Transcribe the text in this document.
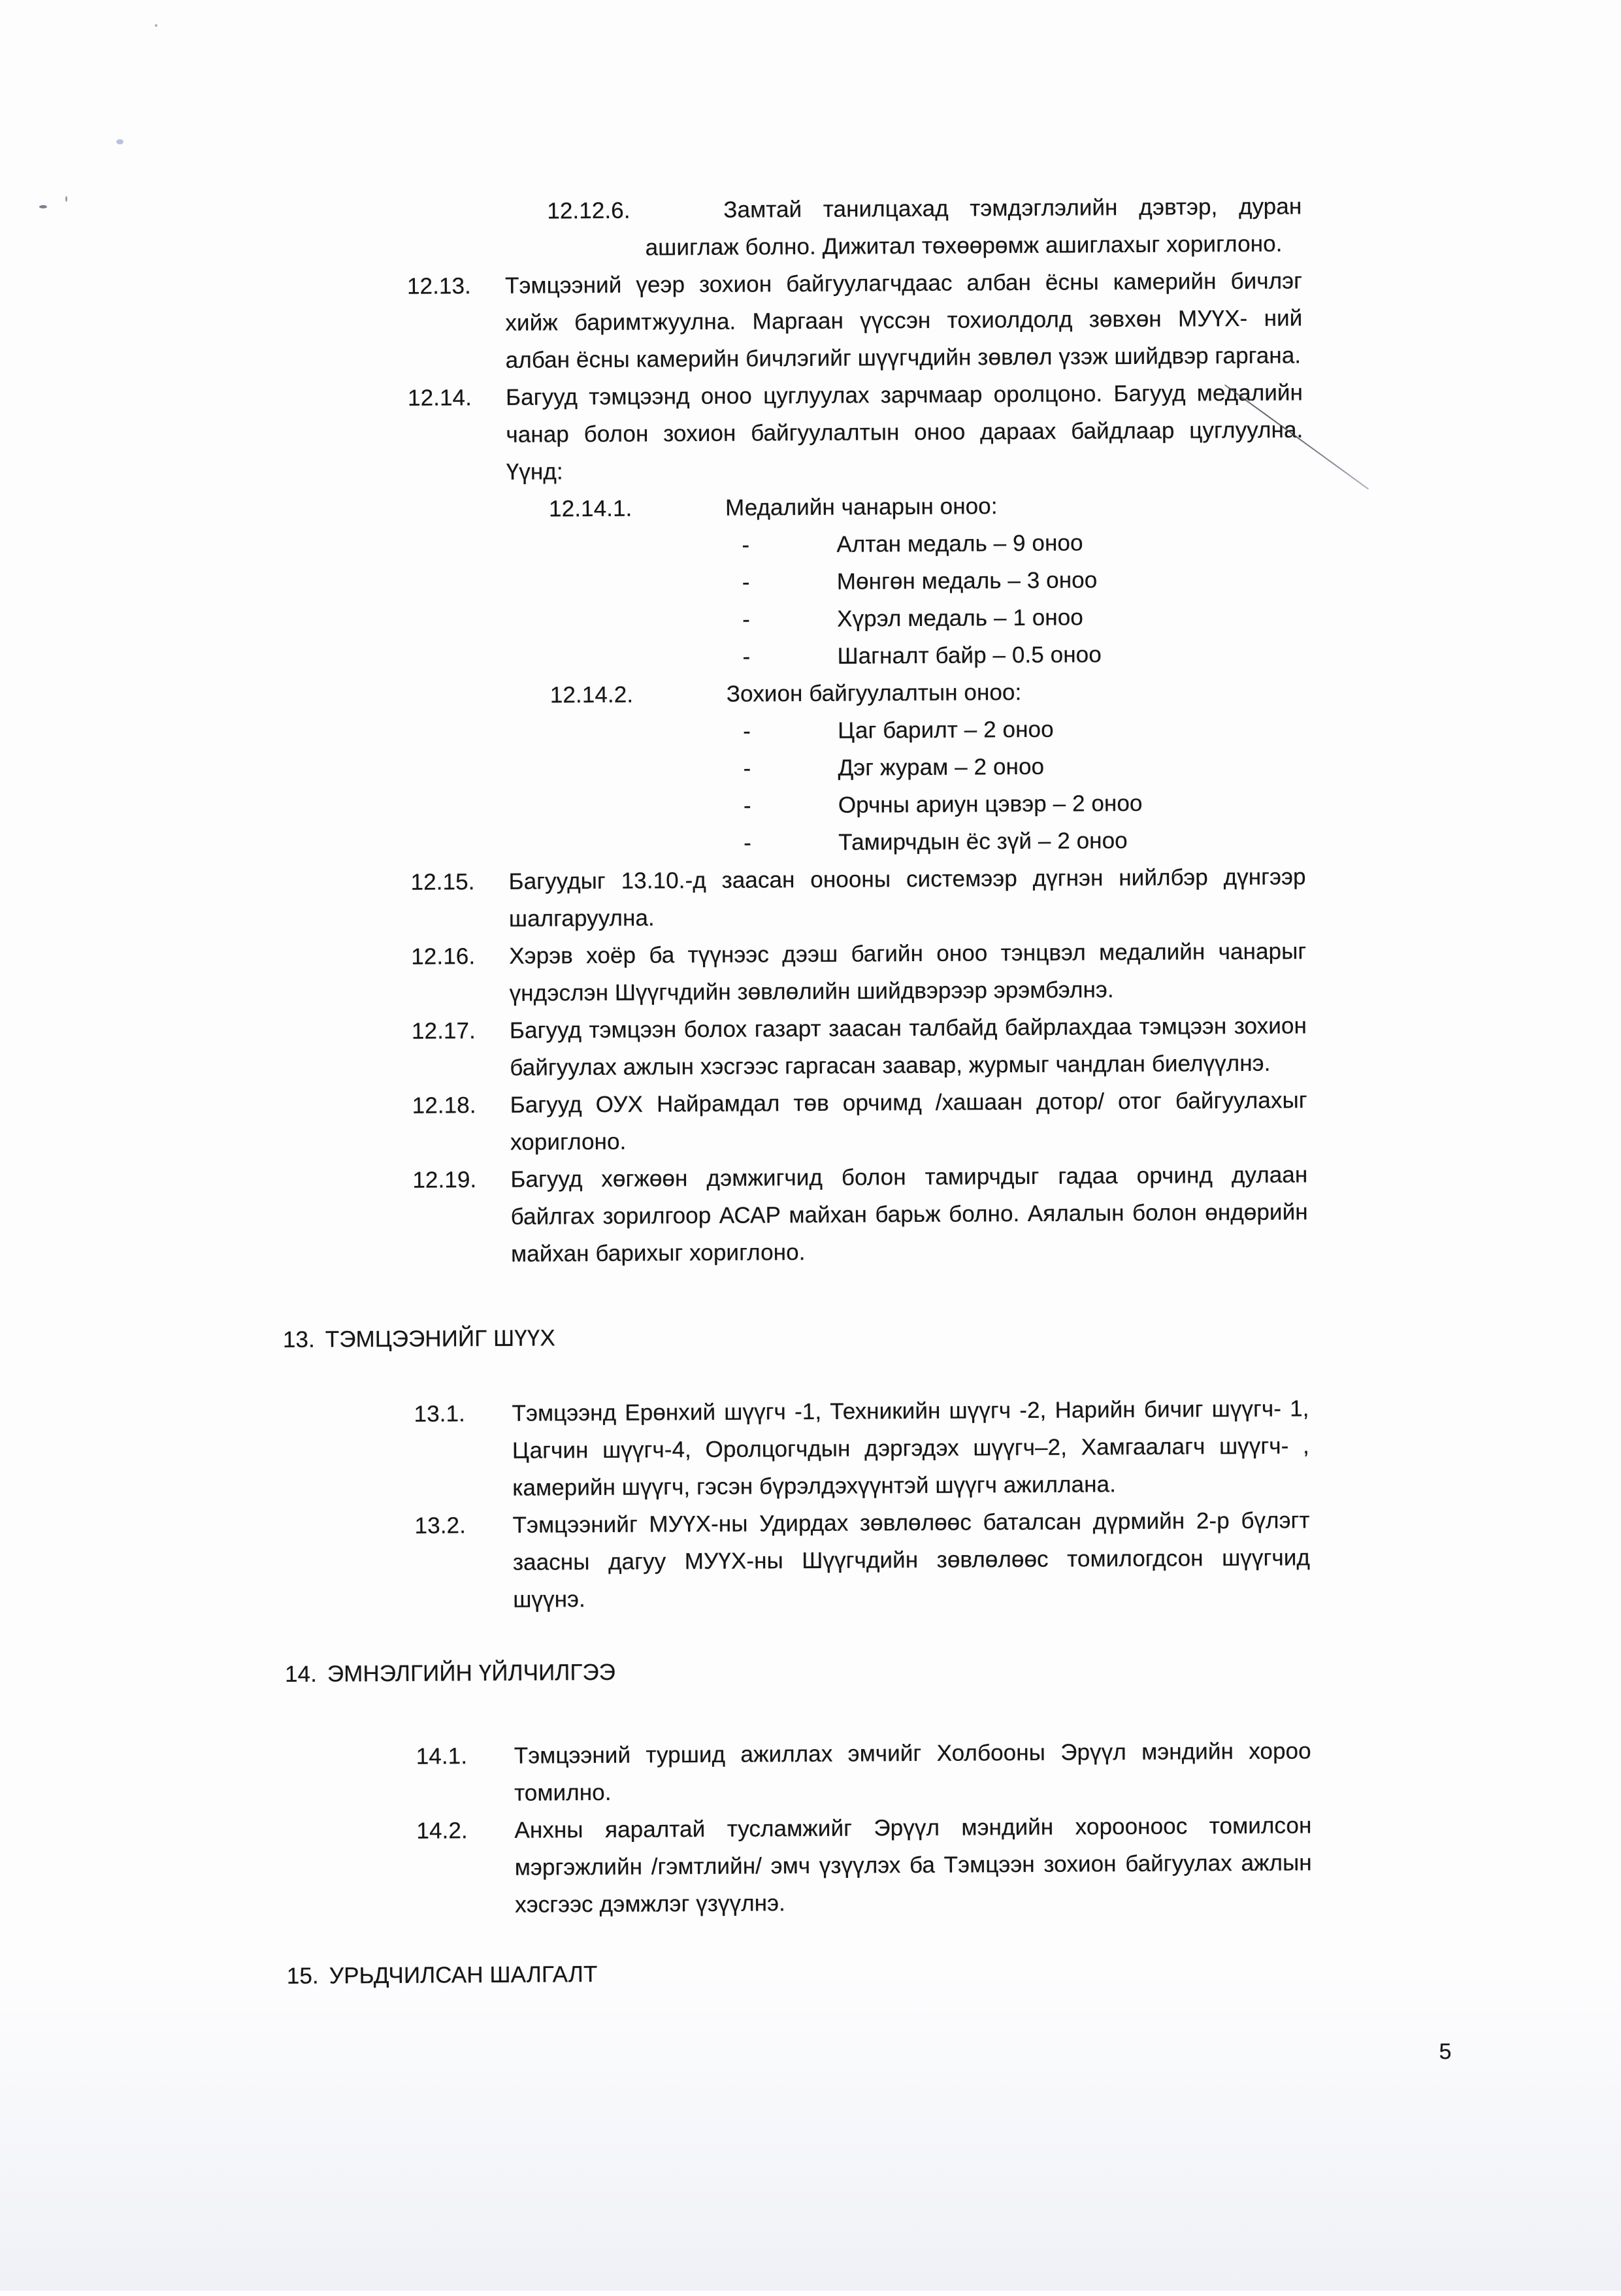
12.12.6.	Замтай танилцахад тэмдэглэлийн дэвтэр, дуран ашиглаж болно. Дижитал төхөөрөмж ашиглахыг хориглоно.
12.13.	Тэмцээний үеэр зохион байгуулагчдаас албан ёсны камерийн бичлэг хийж баримтжуулна. Маргаан үүссэн тохиолдолд зөвхөн МУҮХ- ний албан ёсны камерийн бичлэгийг шүүгчдийн зөвлөл үзэж шийдвэр гаргана.
12.14.	Багууд тэмцээнд оноо цуглуулах зарчмаар оролцоно. Багууд медалийн чанар болон зохион байгуулалтын оноо дараах байдлаар цуглуулна. Үүнд:
12.14.1.	Медалийн чанарын оноо:
-	Алтан медаль – 9 оноо
-	Мөнгөн медаль – 3 оноо
-	Хүрэл медаль – 1 оноо
-	Шагналт байр – 0.5 оноо
12.14.2.	Зохион байгуулалтын оноо:
-	Цаг барилт – 2 оноо
-	Дэг журам – 2 оноо
-	Орчны ариун цэвэр – 2 оноо
-	Тамирчдын ёс зүй – 2 оноо
12.15.	Багуудыг 13.10.-д заасан онооны системээр дүгнэн нийлбэр дүнгээр шалгаруулна.
12.16.	Хэрэв хоёр ба түүнээс дээш багийн оноо тэнцвэл медалийн чанарыг үндэслэн Шүүгчдийн зөвлөлийн шийдвэрээр эрэмбэлнэ.
12.17.	Багууд тэмцээн болох газарт заасан талбайд байрлахдаа тэмцээн зохион байгуулах ажлын хэсгээс гаргасан заавар, журмыг чандлан биелүүлнэ.
12.18.	Багууд ОУХ Найрамдал төв орчимд /хашаан дотор/ отог байгуулахыг хориглоно.
12.19.	Багууд хөгжөөн дэмжигчид болон тамирчдыг гадаа орчинд дулаан байлгах зорилгоор АСАР майхан барьж болно. Аялалын болон өндөрийн майхан барихыг хориглоно.
13. ТЭМЦЭЭНИЙГ ШҮҮХ
13.1.	Тэмцээнд Ерөнхий шүүгч -1, Техникийн шүүгч -2, Нарийн бичиг шүүгч- 1, Цагчин шүүгч-4, Оролцогчдын дэргэдэх шүүгч–2, Хамгаалагч шүүгч- , камерийн шүүгч, гэсэн бүрэлдэхүүнтэй шүүгч ажиллана.
13.2.	Тэмцээнийг МУҮХ-ны Удирдах зөвлөлөөс баталсан дүрмийн 2-р бүлэгт заасны дагуу МУҮХ-ны Шүүгчдийн зөвлөлөөс томилогдсон шүүгчид шүүнэ.
14. ЭМНЭЛГИЙН ҮЙЛЧИЛГЭЭ
14.1.	Тэмцээний туршид ажиллах эмчийг Холбооны Эрүүл мэндийн хороо томилно.
14.2.	Анхны яаралтай тусламжийг Эрүүл мэндийн хорооноос томилсон мэргэжлийн /гэмтлийн/ эмч үзүүлэх ба Тэмцээн зохион байгуулах ажлын хэсгээс дэмжлэг үзүүлнэ.
15. УРЬДЧИЛСАН ШАЛГАЛТ
5
